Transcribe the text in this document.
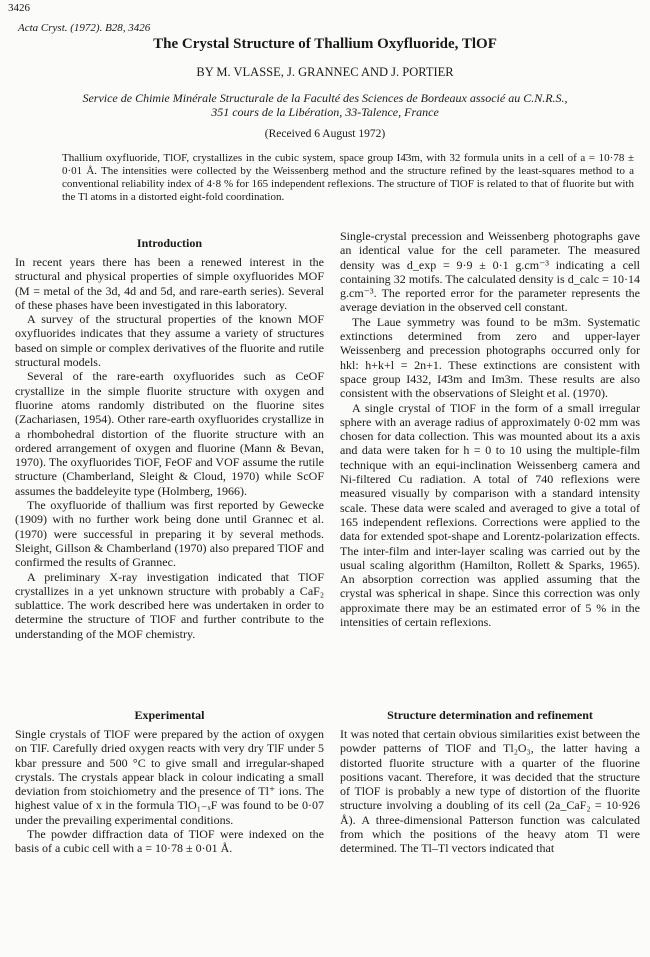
3426
Acta Cryst. (1972). B28, 3426
The Crystal Structure of Thallium Oxyfluoride, TlOF
BY M. VLASSE, J. GRANNEC AND J. PORTIER
Service de Chimie Minérale Structurale de la Faculté des Sciences de Bordeaux associé au C.N.R.S.,
351 cours de la Libération, 33-Talence, France
(Received 6 August 1972)

Thallium oxyfluoride, TlOF, crystallizes in the cubic system, space group I4̄3m, with 32 formula units in a cell of a = 10·78 ± 0·01 Å. The intensities were collected by the Weissenberg method and the structure refined by the least-squares method to a conventional reliability index of 4·8 % for 165 independent reflexions. The structure of TlOF is related to that of fluorite but with the Tl atoms in a distorted eight-fold coordination.

Introduction

In recent years there has been a renewed interest in the structural and physical properties of simple oxyfluorides MOF (M = metal of the 3d, 4d and 5d, and rare-earth series). Several of these phases have been investigated in this laboratory.

A survey of the structural properties of the known MOF oxyfluorides indicates that they assume a variety of structures based on simple or complex derivatives of the fluorite and rutile structural models.

Several of the rare-earth oxyfluorides such as CeOF crystallize in the simple fluorite structure with oxygen and fluorine atoms randomly distributed on the fluorine sites (Zachariasen, 1954). Other rare-earth oxyfluorides crystallize in a rhombohedral distortion of the fluorite structure with an ordered arrangement of oxygen and fluorine (Mann & Bevan, 1970). The oxyfluorides TiOF, FeOF and VOF assume the rutile structure (Chamberland, Sleight & Cloud, 1970) while ScOF assumes the baddeleyite type (Holmberg, 1966).

The oxyfluoride of thallium was first reported by Gewecke (1909) with no further work being done until Grannec et al. (1970) were successful in preparing it by several methods. Sleight, Gillson & Chamberland (1970) also prepared TlOF and confirmed the results of Grannec.

A preliminary X-ray investigation indicated that TlOF crystallizes in a yet unknown structure with probably a CaF₂ sublattice. The work described here was undertaken in order to determine the structure of TlOF and further contribute to the understanding of the MOF chemistry.

Experimental

Single crystals of TlOF were prepared by the action of oxygen on TlF. Carefully dried oxygen reacts with very dry TlF under 5 kbar pressure and 500 °C to give small and irregular-shaped crystals. The crystals appear black in colour indicating a small deviation from stoichiometry and the presence of Tl⁺ ions. The highest value of x in the formula TlO₁₋ₓF was found to be 0·07 under the prevailing experimental conditions.

The powder diffraction data of TlOF were indexed on the basis of a cubic cell with a = 10·78 ± 0·01 Å.

Single-crystal precession and Weissenberg photographs gave an identical value for the cell parameter. The measured density was d_exp = 9·9 ± 0·1 g.cm⁻³ indicating a cell containing 32 motifs. The calculated density is d_calc = 10·14 g.cm⁻³. The reported error for the parameter represents the average deviation in the observed cell constant.

The Laue symmetry was found to be m3m. Systematic extinctions determined from zero and upper-layer Weissenberg and precession photographs occurred only for hkl: h+k+l = 2n+1. These extinctions are consistent with space group I432, I4̄3m and Im3m. These results are also consistent with the observations of Sleight et al. (1970).

A single crystal of TlOF in the form of a small irregular sphere with an average radius of approximately 0·02 mm was chosen for data collection. This was mounted about its a axis and data were taken for h = 0 to 10 using the multiple-film technique with an equi-inclination Weissenberg camera and Ni-filtered Cu radiation. A total of 740 reflexions were measured visually by comparison with a standard intensity scale. These data were scaled and averaged to give a total of 165 independent reflexions. Corrections were applied to the data for extended spot-shape and Lorentz-polarization effects. The inter-film and inter-layer scaling was carried out by the usual scaling algorithm (Hamilton, Rollett & Sparks, 1965). An absorption correction was applied assuming that the crystal was spherical in shape. Since this correction was only approximate there may be an estimated error of 5 % in the intensities of certain reflexions.

Structure determination and refinement

It was noted that certain obvious similarities exist between the powder patterns of TlOF and Tl₂O₃, the latter having a distorted fluorite structure with a quarter of the fluorine positions vacant. Therefore, it was decided that the structure of TlOF is probably a new type of distortion of the fluorite structure involving a doubling of its cell (2a_CaF₂ = 10·926 Å). A three-dimensional Patterson function was calculated from which the positions of the heavy atom Tl were determined. The Tl–Tl vectors indicated that
